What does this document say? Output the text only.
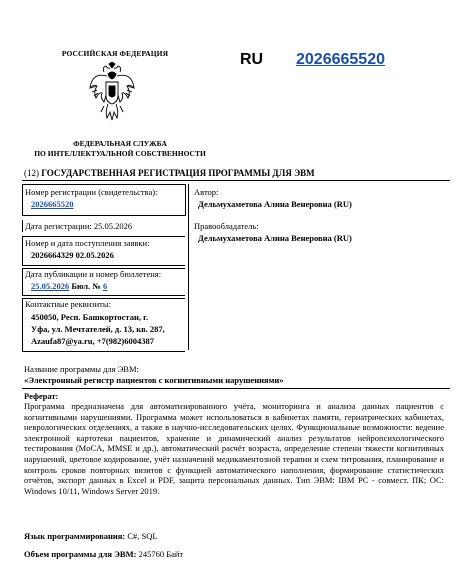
РОССИЙСКАЯ ФЕДЕРАЦИЯ
ФЕДЕРАЛЬНАЯ СЛУЖБА
ПО ИНТЕЛЛЕКТУАЛЬНОЙ СОБСТВЕННОСТИ
RU 2026665520
(12) ГОСУДАРСТВЕННАЯ РЕГИСТРАЦИЯ ПРОГРАММЫ ДЛЯ ЭВМ
Номер регистрации (свидетельства):
2026665520
Дата регистрации: 25.05.2026
Номер и дата поступления заявки:
2026664329 02.05.2026
Дата публикации и номер бюллетеня:
25.05.2026 Бюл. № 6
Контактные реквизиты:
450050, Респ. Башкортостан, г.
Уфа, ул. Мечтателей, д. 13, кв. 287,
Azaufa87@ya.ru, +7(982)6004387
Автор:
Дельмухаметова Алина Венеровна (RU)
Правообладатель:
Дельмухаметова Алина Венеровна (RU)
Название программы для ЭВМ:
«Электронный регистр пациентов с когнитивными нарушениями»
Реферат:
Программа предназначена для автоматизированного учёта, мониторинга и анализа данных пациентов с когнитивными нарушениями. Программа может использоваться в кабинетах памяти, гериатрических кабинетах, неврологических отделениях, а также в научно-исследовательских целях. Функциональные возможности: ведение электронной картотеки пациентов, хранение и динамический анализ результатов нейропсихологического тестирования (MoCA, MMSE и др.), автоматический расчёт возраста, определение степени тяжести когнитивных нарушений, цветовое кодирование, учёт назначений медикаментозной терапии и схем титрования, планирование и контроль сроков повторных визитов с функцией автоматического наполнения, формирование статистических отчётов, экспорт данных в Excel и PDF, защита персональных данных. Тип ЭВМ: IBM PC - совмест. ПК; ОС: Windows 10/11, Windows Server 2019.
Язык программирования: C#, SQL
Объем программы для ЭВМ: 245760 Байт
